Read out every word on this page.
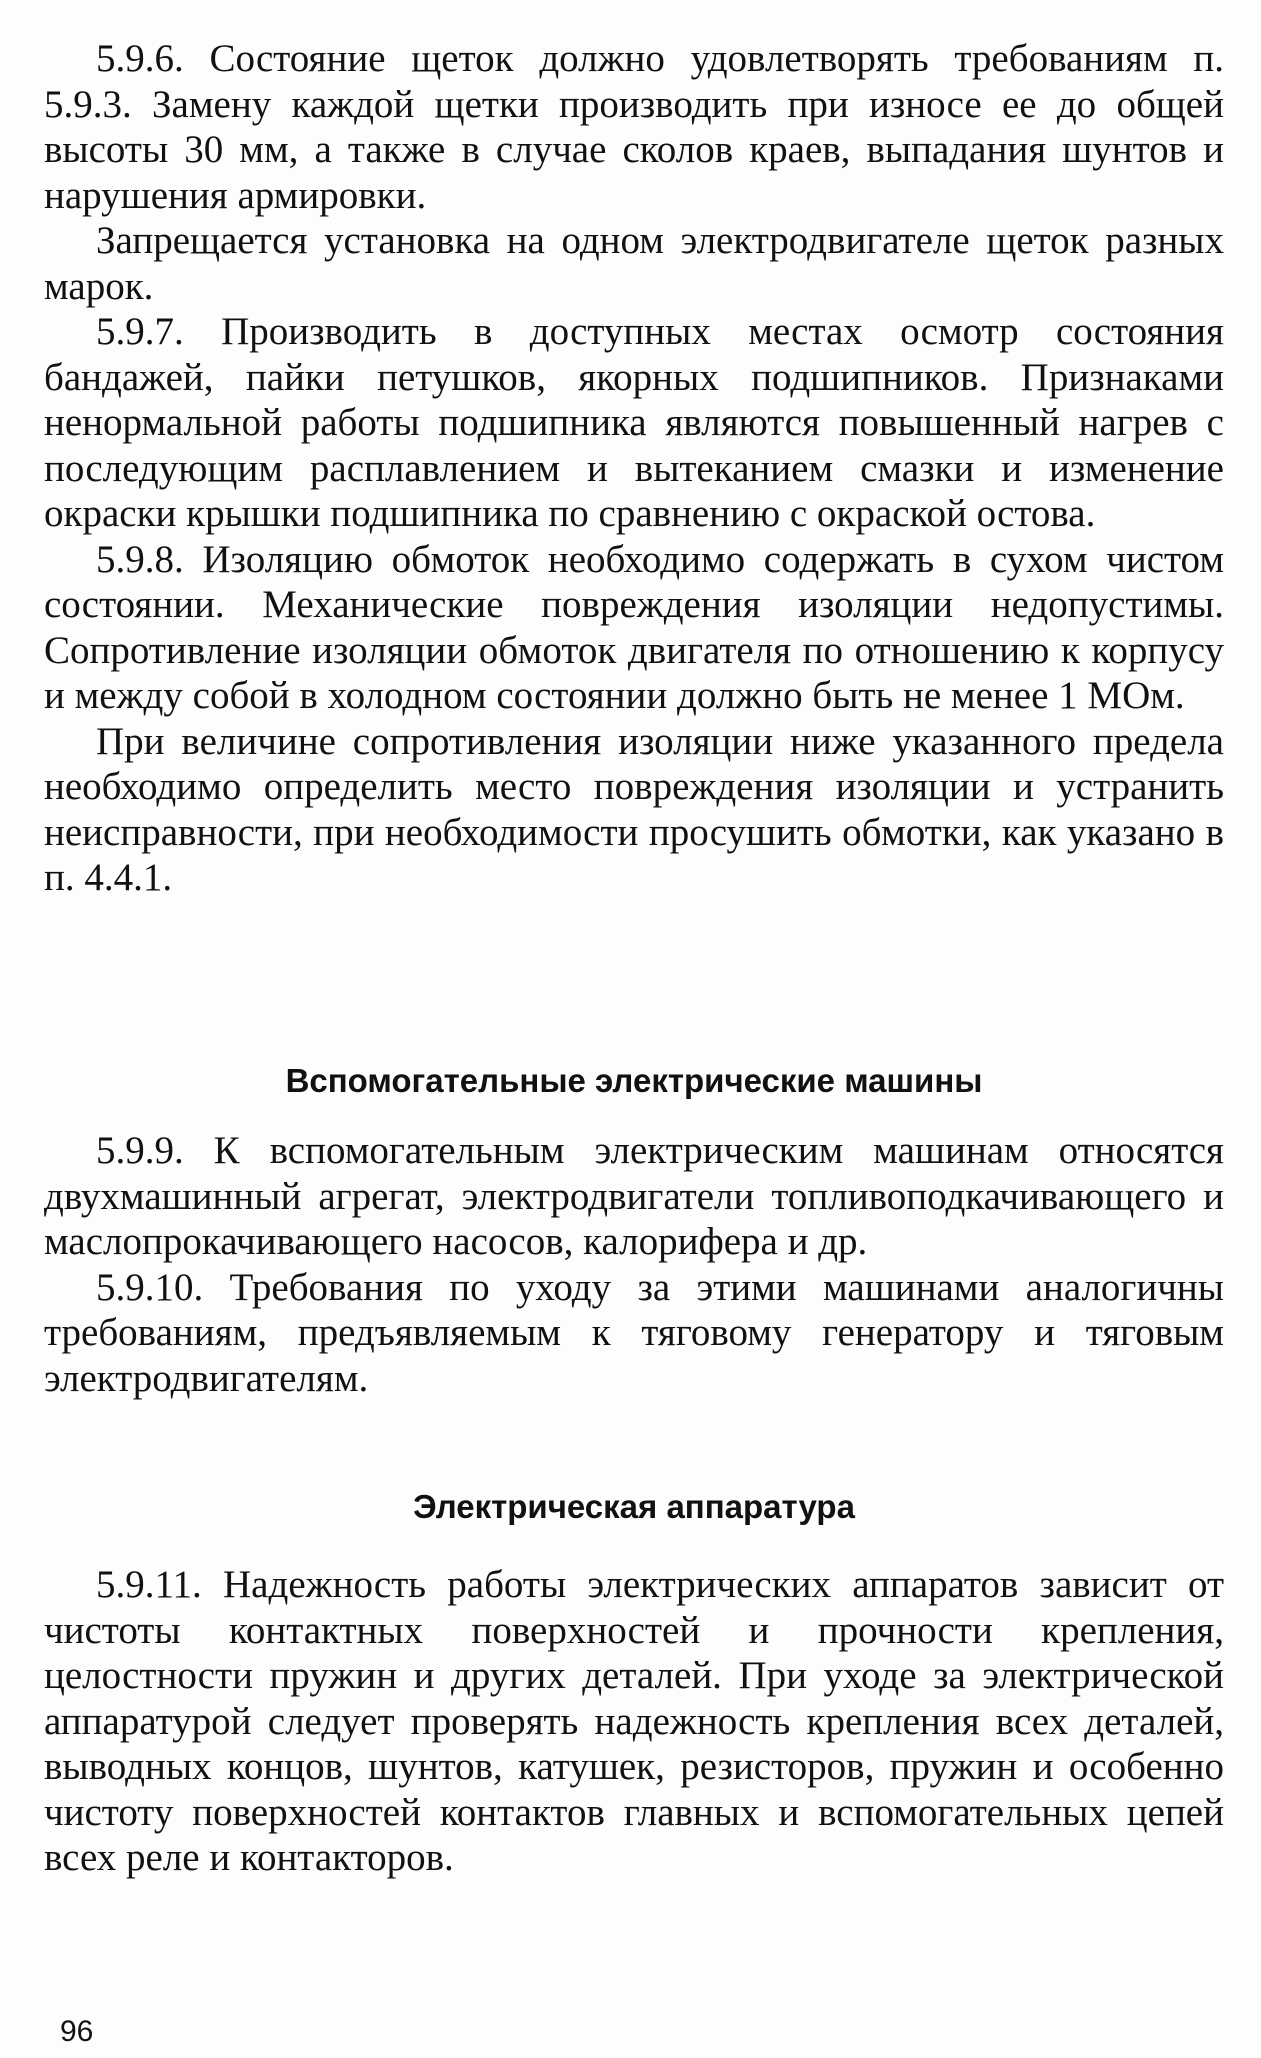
5.9.6. Состояние щеток должно удовлетворять требованиям п. 5.9.3. Замену каждой щетки производить при износе ее до общей высоты 30 мм, а также в случае сколов краев, выпадания шунтов и нарушения армировки.

Запрещается установка на одном электродвигателе щеток разных марок.

5.9.7. Производить в доступных местах осмотр состояния бандажей, пайки петушков, якорных подшипников. Признаками ненормальной работы подшипника являются повышенный нагрев с последующим расплавлением и вытеканием смазки и изменение окраски крышки подшипника по сравнению с окраской остова.

5.9.8. Изоляцию обмоток необходимо содержать в сухом чистом состоянии. Механические повреждения изоляции недопустимы. Сопротивление изоляции обмоток двигателя по отношению к корпусу и между собой в холодном состоянии должно быть не менее 1 МОм.

При величине сопротивления изоляции ниже указанного предела необходимо определить место повреждения изоляции и устранить неисправности, при необходимости просушить обмотки, как указано в п. 4.4.1.

Вспомогательные электрические машины

5.9.9. К вспомогательным электрическим машинам относятся двухмашинный агрегат, электродвигатели топливоподкачивающего и маслопрокачивающего насосов, калорифера и др.

5.9.10. Требования по уходу за этими машинами аналогичны требованиям, предъявляемым к тяговому генератору и тяговым электродвигателям.

Электрическая аппаратура

5.9.11. Надежность работы электрических аппаратов зависит от чистоты контактных поверхностей и прочности крепления, целостности пружин и других деталей. При уходе за электрической аппаратурой следует проверять надежность крепления всех деталей, выводных концов, шунтов, катушек, резисторов, пружин и особенно чистоту поверхностей контактов главных и вспомогательных цепей всех реле и контакторов.

96
